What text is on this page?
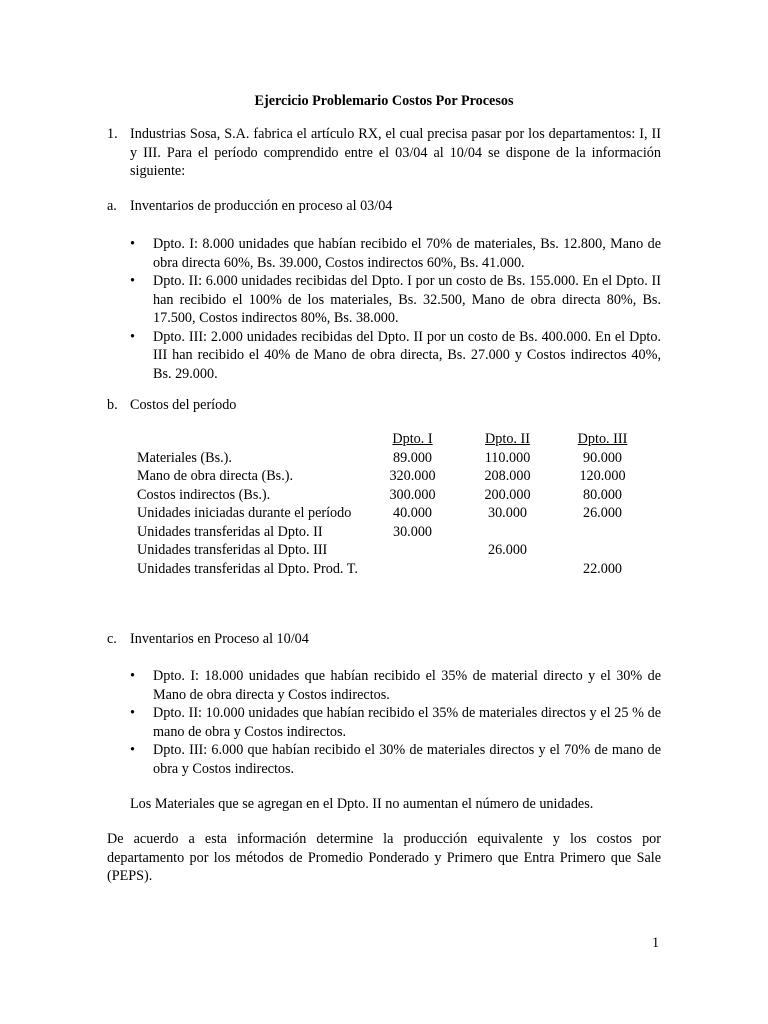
Ejercicio Problemario Costos Por Procesos
1. Industrias Sosa, S.A. fabrica el artículo RX, el cual precisa pasar por los departamentos: I, II y III. Para el período comprendido entre el 03/04 al 10/04 se dispone de la información siguiente:
a. Inventarios de producción en proceso al 03/04
• Dpto. I: 8.000 unidades que habían recibido el 70% de materiales, Bs. 12.800, Mano de obra directa 60%, Bs. 39.000, Costos indirectos 60%, Bs. 41.000.
• Dpto. II: 6.000 unidades recibidas del Dpto. I por un costo de Bs. 155.000. En el Dpto. II han recibido el 100% de los materiales, Bs. 32.500, Mano de obra directa 80%, Bs. 17.500, Costos indirectos 80%, Bs. 38.000.
• Dpto. III: 2.000 unidades recibidas del Dpto. II por un costo de Bs. 400.000. En el Dpto. III han recibido el 40% de Mano de obra directa, Bs. 27.000 y Costos indirectos 40%, Bs. 29.000.
b. Costos del período
	Dpto. I	Dpto. II	Dpto. III
Materiales (Bs.).	89.000	110.000	90.000
Mano de obra directa (Bs.).	320.000	208.000	120.000
Costos indirectos (Bs.).	300.000	200.000	80.000
Unidades iniciadas durante el período	40.000	30.000	26.000
Unidades transferidas al Dpto. II	30.000		
Unidades transferidas al Dpto. III		26.000	
Unidades transferidas al Dpto. Prod. T.			22.000
c. Inventarios en Proceso al 10/04
• Dpto. I: 18.000 unidades que habían recibido el 35% de material directo y el 30% de Mano de obra directa y Costos indirectos.
• Dpto. II: 10.000 unidades que habían recibido el 35% de materiales directos y el 25 % de mano de obra y Costos indirectos.
• Dpto. III: 6.000 que habían recibido el 30% de materiales directos y el 70% de mano de obra y Costos indirectos.
Los Materiales que se agregan en el Dpto. II no aumentan el número de unidades.
De acuerdo a esta información determine la producción equivalente y los costos por departamento por los métodos de Promedio Ponderado y Primero que Entra Primero que Sale (PEPS).
1
